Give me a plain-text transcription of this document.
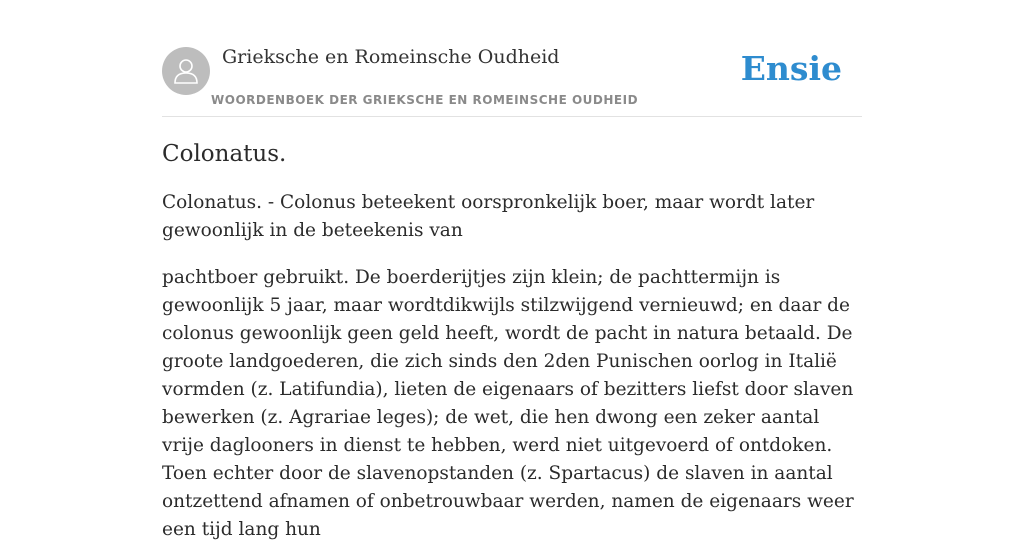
Grieksche en Romeinsche Oudheid
WOORDENBOEK DER GRIEKSCHE EN ROMEINSCHE OUDHEID
Ensie
Colonatus.

Colonatus. - Colonus beteekent oorspronkelijk boer, maar wordt later gewoonlijk in de beteekenis van

pachtboer gebruikt. De boerderijtjes zijn klein; de pachttermijn is gewoonlijk 5 jaar, maar wordtdikwijls stilzwijgend vernieuwd; en daar de colonus gewoonlijk geen geld heeft, wordt de pacht in natura betaald. De groote landgoederen, die zich sinds den 2den Punischen oorlog in Italië vormden (z. Latifundia), lieten de eigenaars of bezitters liefst door slaven bewerken (z. Agrariae leges); de wet, die hen dwong een zeker aantal

vrije daglooners in dienst te hebben, werd niet uitgevoerd of ontdoken. Toen echter door de slavenopstanden (z. Spartacus) de slaven in aantal ontzettend afnamen of onbetrouwbaar werden, namen de eigenaars weer een tijd lang hun
